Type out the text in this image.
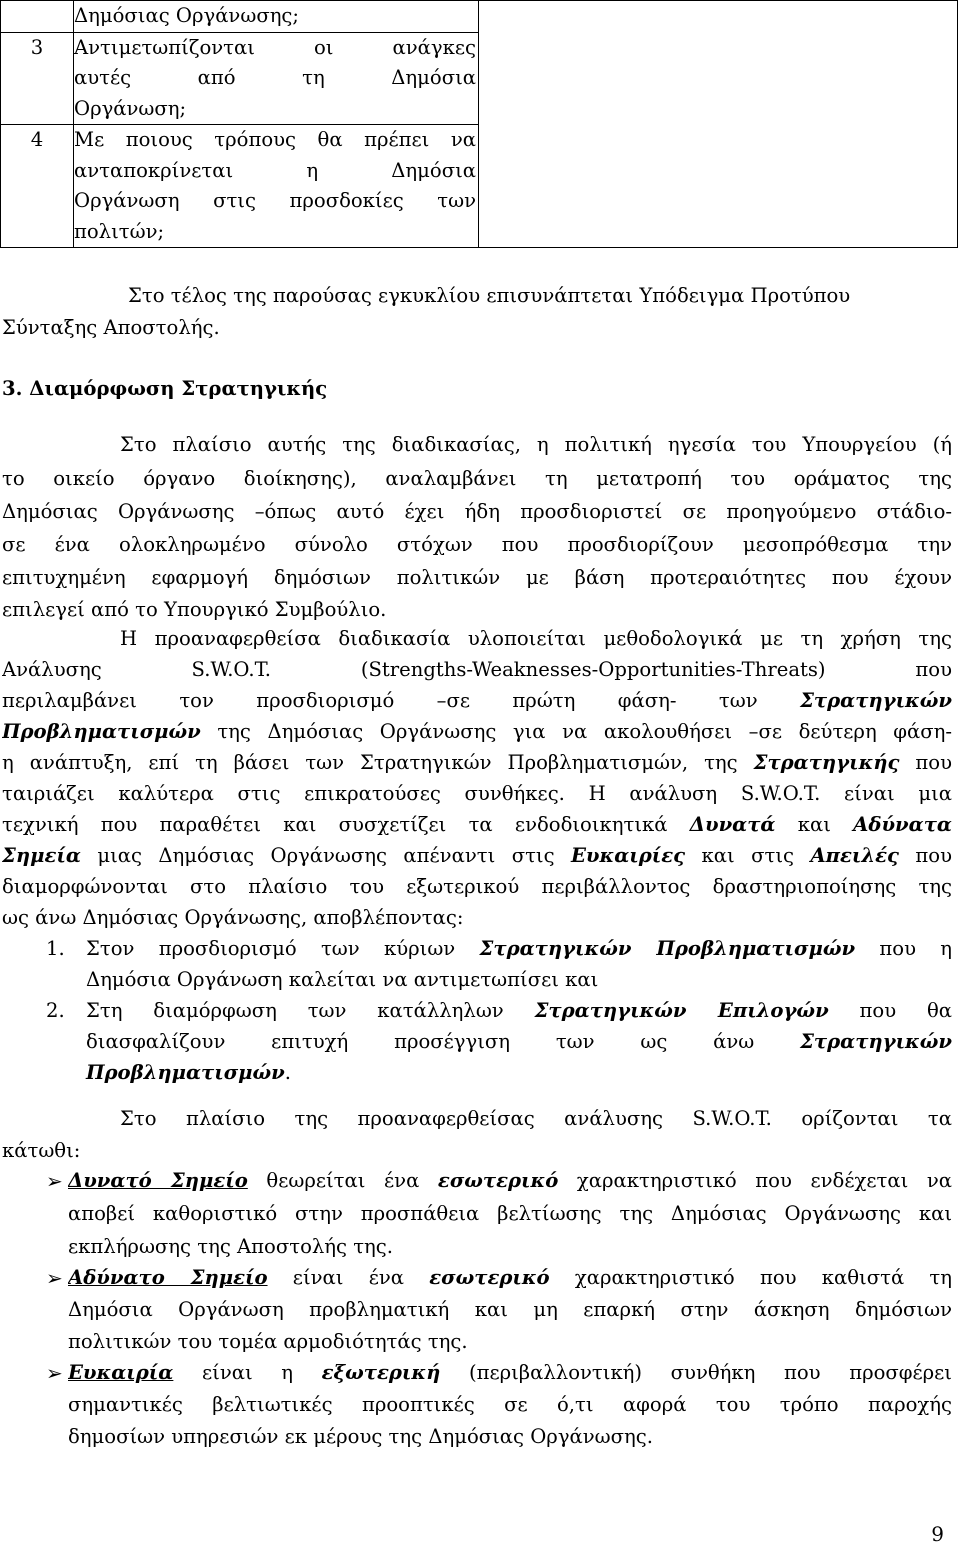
	Δημόσιας Οργάνωσης;	

3	Αντιμετωπίζονται οι ανάγκες
αυτές από τη Δημόσια
Οργάνωση;	

4	Με ποιους τρόπους θα πρέπει να
ανταποκρίνεται η Δημόσια
Οργάνωση στις προσδοκίες των
πολιτών;	
Στο τέλος της παρούσας εγκυκλίου επισυνάπτεται Υπόδειγμα Προτύπου
Σύνταξης Αποστολής.
3. Διαμόρφωση Στρατηγικής
Στο πλαίσιο αυτής της διαδικασίας, η πολιτική ηγεσία του Υπουργείου (ή
το οικείο όργανο διοίκησης), αναλαμβάνει τη μετατροπή του οράματος της
Δημόσιας Οργάνωσης –όπως αυτό έχει ήδη προσδιοριστεί σε προηγούμενο στάδιο-
σε ένα ολοκληρωμένο σύνολο στόχων που προσδιορίζουν μεσοπρόθεσμα την
επιτυχημένη εφαρμογή δημόσιων πολιτικών με βάση προτεραιότητες που έχουν
επιλεγεί από το Υπουργικό Συμβούλιο.
Η προαναφερθείσα διαδικασία υλοποιείται μεθοδολογικά με τη χρήση της
Ανάλυσης S.W.O.T. (Strengths-Weaknesses-Opportunities-Threats) που
περιλαμβάνει τον προσδιορισμό –σε πρώτη φάση- των Στρατηγικών
Προβληματισμών της Δημόσιας Οργάνωσης για να ακολουθήσει –σε δεύτερη φάση-
η ανάπτυξη, επί τη βάσει των Στρατηγικών Προβληματισμών, της Στρατηγικής που
ταιριάζει καλύτερα στις επικρατούσες συνθήκες. Η ανάλυση S.W.O.T. είναι μια
τεχνική που παραθέτει και συσχετίζει τα ενδοδιοικητικά Δυνατά και Αδύνατα
Σημεία μιας Δημόσιας Οργάνωσης απέναντι στις Ευκαιρίες και στις Απειλές που
διαμορφώνονται στο πλαίσιο του εξωτερικού περιβάλλοντος δραστηριοποίησης της
ως άνω Δημόσιας Οργάνωσης, αποβλέποντας:
1. Στον προσδιορισμό των κύριων Στρατηγικών Προβληματισμών που η
Δημόσια Οργάνωση καλείται να αντιμετωπίσει και
2. Στη διαμόρφωση των κατάλληλων Στρατηγικών Επιλογών που θα
διασφαλίζουν επιτυχή προσέγγιση των ως άνω Στρατηγικών
Προβληματισμών.
Στο πλαίσιο της προαναφερθείσας ανάλυσης S.W.O.T. ορίζονται τα
κάτωθι:
➢ Δυνατό Σημείο θεωρείται ένα εσωτερικό χαρακτηριστικό που ενδέχεται να
αποβεί καθοριστικό στην προσπάθεια βελτίωσης της Δημόσιας Οργάνωσης και
εκπλήρωσης της Αποστολής της.
➢ Αδύνατο Σημείο είναι ένα εσωτερικό χαρακτηριστικό που καθιστά τη
Δημόσια Οργάνωση προβληματική και μη επαρκή στην άσκηση δημόσιων
πολιτικών του τομέα αρμοδιότητάς της.
➢ Ευκαιρία είναι η εξωτερική (περιβαλλοντική) συνθήκη που προσφέρει
σημαντικές βελτιωτικές προοπτικές σε ό,τι αφορά του τρόπο παροχής
δημοσίων υπηρεσιών εκ μέρους της Δημόσιας Οργάνωσης.
9
